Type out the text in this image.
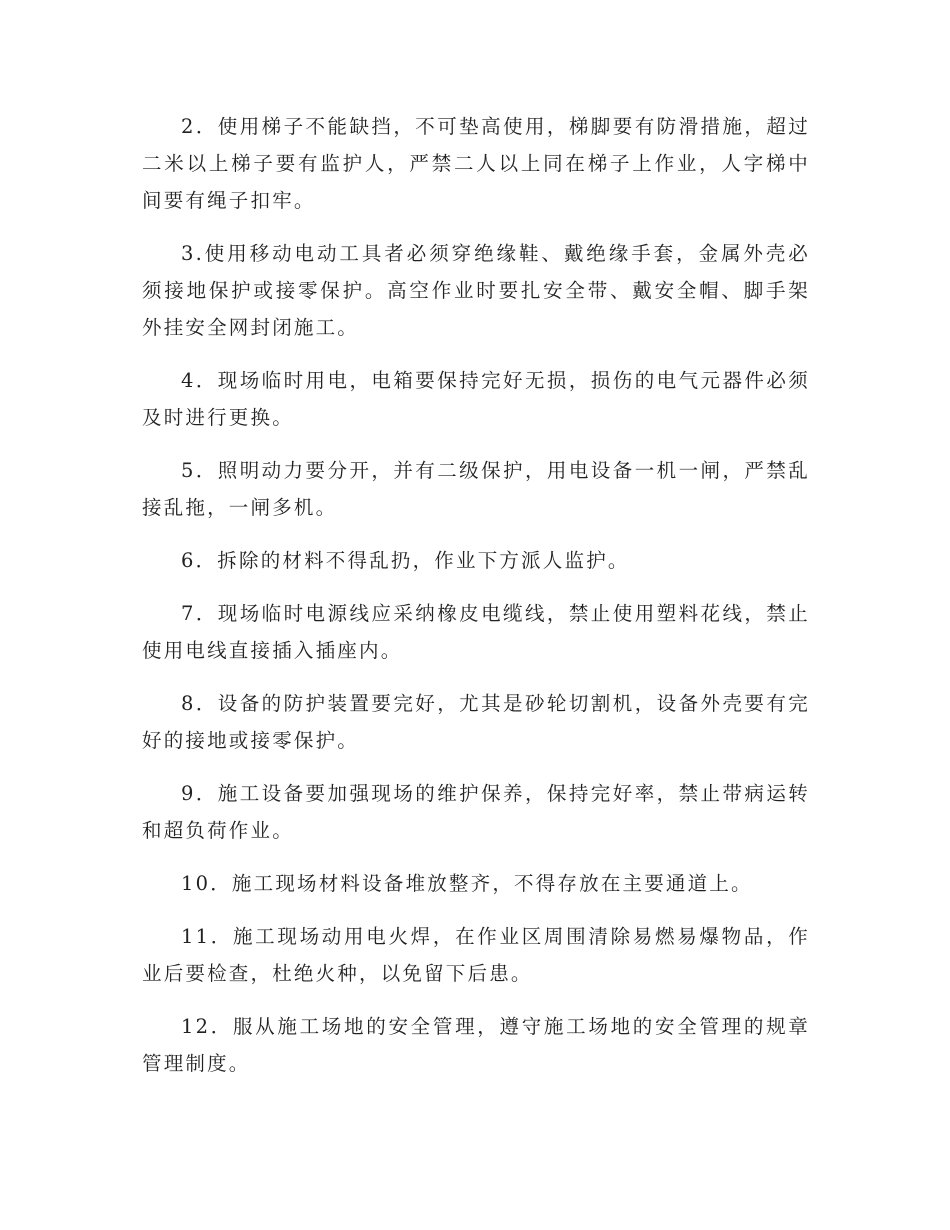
2．使用梯子不能缺挡，不可垫高使用，梯脚要有防滑措施，超过二米以上梯子要有监护人，严禁二人以上同在梯子上作业，人字梯中间要有绳子扣牢。

3.使用移动电动工具者必须穿绝缘鞋、戴绝缘手套，金属外壳必须接地保护或接零保护。高空作业时要扎安全带、戴安全帽、脚手架外挂安全网封闭施工。

4．现场临时用电，电箱要保持完好无损，损伤的电气元器件必须及时进行更换。

5．照明动力要分开，并有二级保护，用电设备一机一闸，严禁乱接乱拖，一闸多机。

6．拆除的材料不得乱扔，作业下方派人监护。

7．现场临时电源线应采纳橡皮电缆线，禁止使用塑料花线，禁止使用电线直接插入插座内。

8．设备的防护装置要完好，尤其是砂轮切割机，设备外壳要有完好的接地或接零保护。

9．施工设备要加强现场的维护保养，保持完好率，禁止带病运转和超负荷作业。

10．施工现场材料设备堆放整齐，不得存放在主要通道上。

11．施工现场动用电火焊，在作业区周围清除易燃易爆物品，作业后要检查，杜绝火种，以免留下后患。

12．服从施工场地的安全管理，遵守施工场地的安全管理的规章管理制度。
